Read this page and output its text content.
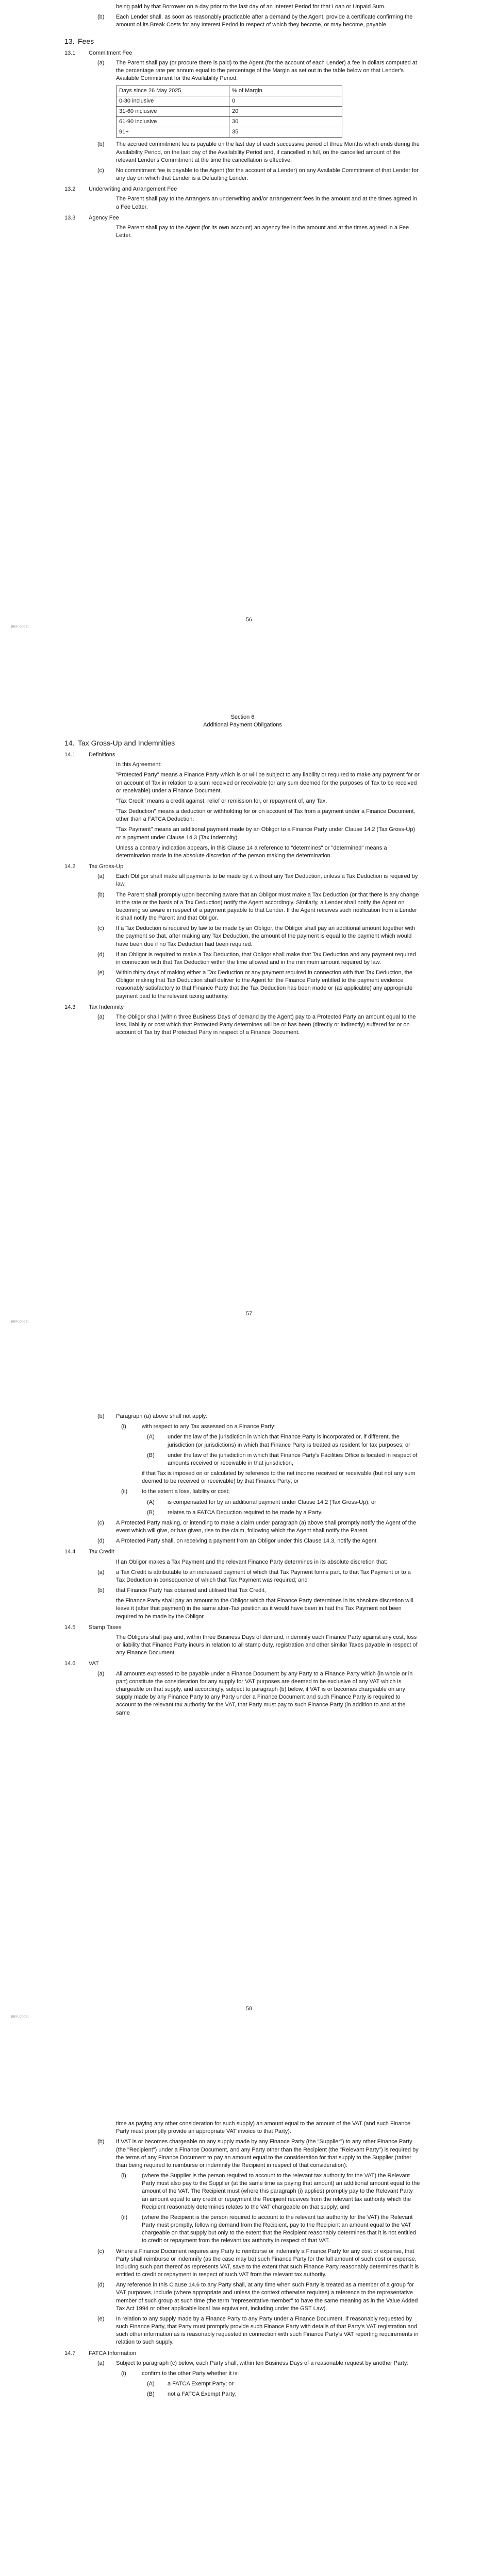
being paid by that Borrower on a day prior to the last day of an Interest Period for that Loan or Unpaid Sum.

(b)	Each Lender shall, as soon as reasonably practicable after a demand by the Agent, provide a certificate confirming the amount of its Break Costs for any Interest Period in respect of which they become, or may become, payable.
13. Fees
13.1	Commitment Fee
(a)	The Parent shall pay (or procure there is paid) to the Agent (for the account of each Lender) a fee in dollars computed at the percentage rate per annum equal to the percentage of the Margin as set out in the table below on that Lender's Available Commitment for the Availability Period:
Days since 26 May 2025	% of Margin
0-30 inclusive	0
31-60 inclusive	20
61-90 inclusive	30
91+	35
(b)	The accrued commitment fee is payable on the last day of each successive period of three Months which ends during the Availability Period, on the last day of the Availability Period and, if cancelled in full, on the cancelled amount of the relevant Lender's Commitment at the time the cancellation is effective.
(c)	No commitment fee is payable to the Agent (for the account of a Lender) on any Available Commitment of that Lender for any day on which that Lender is a Defaulting Lender.
13.2	Underwriting and Arrangement Fee

The Parent shall pay to the Arrangers an underwriting and/or arrangement fees in the amount and at the times agreed in a Fee Letter.

13.3	Agency Fee

The Parent shall pay to the Agent (for its own account) an agency fee in the amount and at the times agreed in a Fee Letter.

[REF_CODE]
56
Section 6
Additional Payment Obligations
14. Tax Gross-Up and Indemnities
14.1	Definitions

In this Agreement:

"Protected Party" means a Finance Party which is or will be subject to any liability or required to make any payment for or on account of Tax in relation to a sum received or receivable (or any sum deemed for the purposes of Tax to be received or receivable) under a Finance Document.

"Tax Credit" means a credit against, relief or remission for, or repayment of, any Tax.

"Tax Deduction" means a deduction or withholding for or on account of Tax from a payment under a Finance Document, other than a FATCA Deduction.

"Tax Payment" means an additional payment made by an Obligor to a Finance Party under Clause 14.2 (Tax Gross-Up) or a payment under Clause 14.3 (Tax Indemnity).

Unless a contrary indication appears, in this Clause 14 a reference to "determines" or "determined" means a determination made in the absolute discretion of the person making the determination.

14.2	Tax Gross-Up
(a)	Each Obligor shall make all payments to be made by it without any Tax Deduction, unless a Tax Deduction is required by law.
(b)	The Parent shall promptly upon becoming aware that an Obligor must make a Tax Deduction (or that there is any change in the rate or the basis of a Tax Deduction) notify the Agent accordingly. Similarly, a Lender shall notify the Agent on becoming so aware in respect of a payment payable to that Lender. If the Agent receives such notification from a Lender it shall notify the Parent and that Obligor.
(c)	If a Tax Deduction is required by law to be made by an Obligor, the Obligor shall pay an additional amount together with the payment so that, after making any Tax Deduction, the amount of the payment is equal to the payment which would have been due if no Tax Deduction had been required.
(d)	If an Obligor is required to make a Tax Deduction, that Obligor shall make that Tax Deduction and any payment required in connection with that Tax Deduction within the time allowed and in the minimum amount required by law.
(e)	Within thirty days of making either a Tax Deduction or any payment required in connection with that Tax Deduction, the Obligor making that Tax Deduction shall deliver to the Agent for the Finance Party entitled to the payment evidence reasonably satisfactory to that Finance Party that the Tax Deduction has been made or (as applicable) any appropriate payment paid to the relevant taxing authority.
14.3	Tax Indemnity
(a)	The Obligor shall (within three Business Days of demand by the Agent) pay to a Protected Party an amount equal to the loss, liability or cost which that Protected Party determines will be or has been (directly or indirectly) suffered for or on account of Tax by that Protected Party in respect of a Finance Document.
[REF_CODE]
57
(b)	Paragraph (a) above shall not apply:
(i)	with respect to any Tax assessed on a Finance Party:
(A)	under the law of the jurisdiction in which that Finance Party is incorporated or, if different, the jurisdiction (or jurisdictions) in which that Finance Party is treated as resident for tax purposes; or
(B)	under the law of the jurisdiction in which that Finance Party's Facilities Office is located in respect of amounts received or receivable in that jurisdiction,

if that Tax is imposed on or calculated by reference to the net income received or receivable (but not any sum deemed to be received or receivable) by that Finance Party; or

(ii)	to the extent a loss, liability or cost;
(A)	is compensated for by an additional payment under Clause 14.2 (Tax Gross-Up); or
(B)	relates to a FATCA Deduction required to be made by a Party.
(c)	A Protected Party making, or intending to make a claim under paragraph (a) above shall promptly notify the Agent of the event which will give, or has given, rise to the claim, following which the Agent shall notify the Parent.
(d)	A Protected Party shall, on receiving a payment from an Obligor under this Clause 14.3, notify the Agent.
14.4	Tax Credit

If an Obligor makes a Tax Payment and the relevant Finance Party determines in its absolute discretion that:

(a)	a Tax Credit is attributable to an increased payment of which that Tax Payment forms part, to that Tax Payment or to a Tax Deduction in consequence of which that Tax Payment was required; and
(b)	that Finance Party has obtained and utilised that Tax Credit,

the Finance Party shall pay an amount to the Obligor which that Finance Party determines in its absolute discretion will leave it (after that payment) in the same after-Tax position as it would have been in had the Tax Payment not been required to be made by the Obligor.

14.5	Stamp Taxes

The Obligors shall pay and, within three Business Days of demand, indemnify each Finance Party against any cost, loss or liability that Finance Party incurs in relation to all stamp duty, registration and other similar Taxes payable in respect of any Finance Document.

14.6	VAT
(a)	All amounts expressed to be payable under a Finance Document by any Party to a Finance Party which (in whole or in part) constitute the consideration for any supply for VAT purposes are deemed to be exclusive of any VAT which is chargeable on that supply, and accordingly, subject to paragraph (b) below, if VAT is or becomes chargeable on any supply made by any Finance Party to any Party under a Finance Document and such Finance Party is required to account to the relevant tax authority for the VAT, that Party must pay to such Finance Party (in addition to and at the same
[REF_CODE]
58

time as paying any other consideration for such supply) an amount equal to the amount of the VAT (and such Finance Party must promptly provide an appropriate VAT invoice to that Party).

(b)	If VAT is or becomes chargeable on any supply made by any Finance Party (the "Supplier") to any other Finance Party (the "Recipient") under a Finance Document, and any Party other than the Recipient (the "Relevant Party") is required by the terms of any Finance Document to pay an amount equal to the consideration for that supply to the Supplier (rather than being required to reimburse or indemnify the Recipient in respect of that consideration):
(i)	(where the Supplier is the person required to account to the relevant tax authority for the VAT) the Relevant Party must also pay to the Supplier (at the same time as paying that amount) an additional amount equal to the amount of the VAT. The Recipient must (where this paragraph (i) applies) promptly pay to the Relevant Party an amount equal to any credit or repayment the Recipient receives from the relevant tax authority which the Recipient reasonably determines relates to the VAT chargeable on that supply; and
(ii)	(where the Recipient is the person required to account to the relevant tax authority for the VAT) the Relevant Party must promptly, following demand from the Recipient, pay to the Recipient an amount equal to the VAT chargeable on that supply but only to the extent that the Recipient reasonably determines that it is not entitled to credit or repayment from the relevant tax authority in respect of that VAT.
(c)	Where a Finance Document requires any Party to reimburse or indemnify a Finance Party for any cost or expense, that Party shall reimburse or indemnify (as the case may be) such Finance Party for the full amount of such cost or expense, including such part thereof as represents VAT, save to the extent that such Finance Party reasonably determines that it is entitled to credit or repayment in respect of such VAT from the relevant tax authority.
(d)	Any reference in this Clause 14.6 to any Party shall, at any time when such Party is treated as a member of a group for VAT purposes, include (where appropriate and unless the context otherwise requires) a reference to the representative member of such group at such time (the term "representative member" to have the same meaning as in the Value Added Tax Act 1994 or other applicable local law equivalent, including under the GST Law).
(e)	In relation to any supply made by a Finance Party to any Party under a Finance Document, if reasonably requested by such Finance Party, that Party must promptly provide such Finance Party with details of that Party's VAT registration and such other information as is reasonably requested in connection with such Finance Party's VAT reporting requirements in relation to such supply.
14.7	FATCA Information
(a)	Subject to paragraph (c) below, each Party shall, within ten Business Days of a reasonable request by another Party:
(i)	confirm to the other Party whether it is:
(A)	a FATCA Exempt Party; or
(B)	not a FATCA Exempt Party;
